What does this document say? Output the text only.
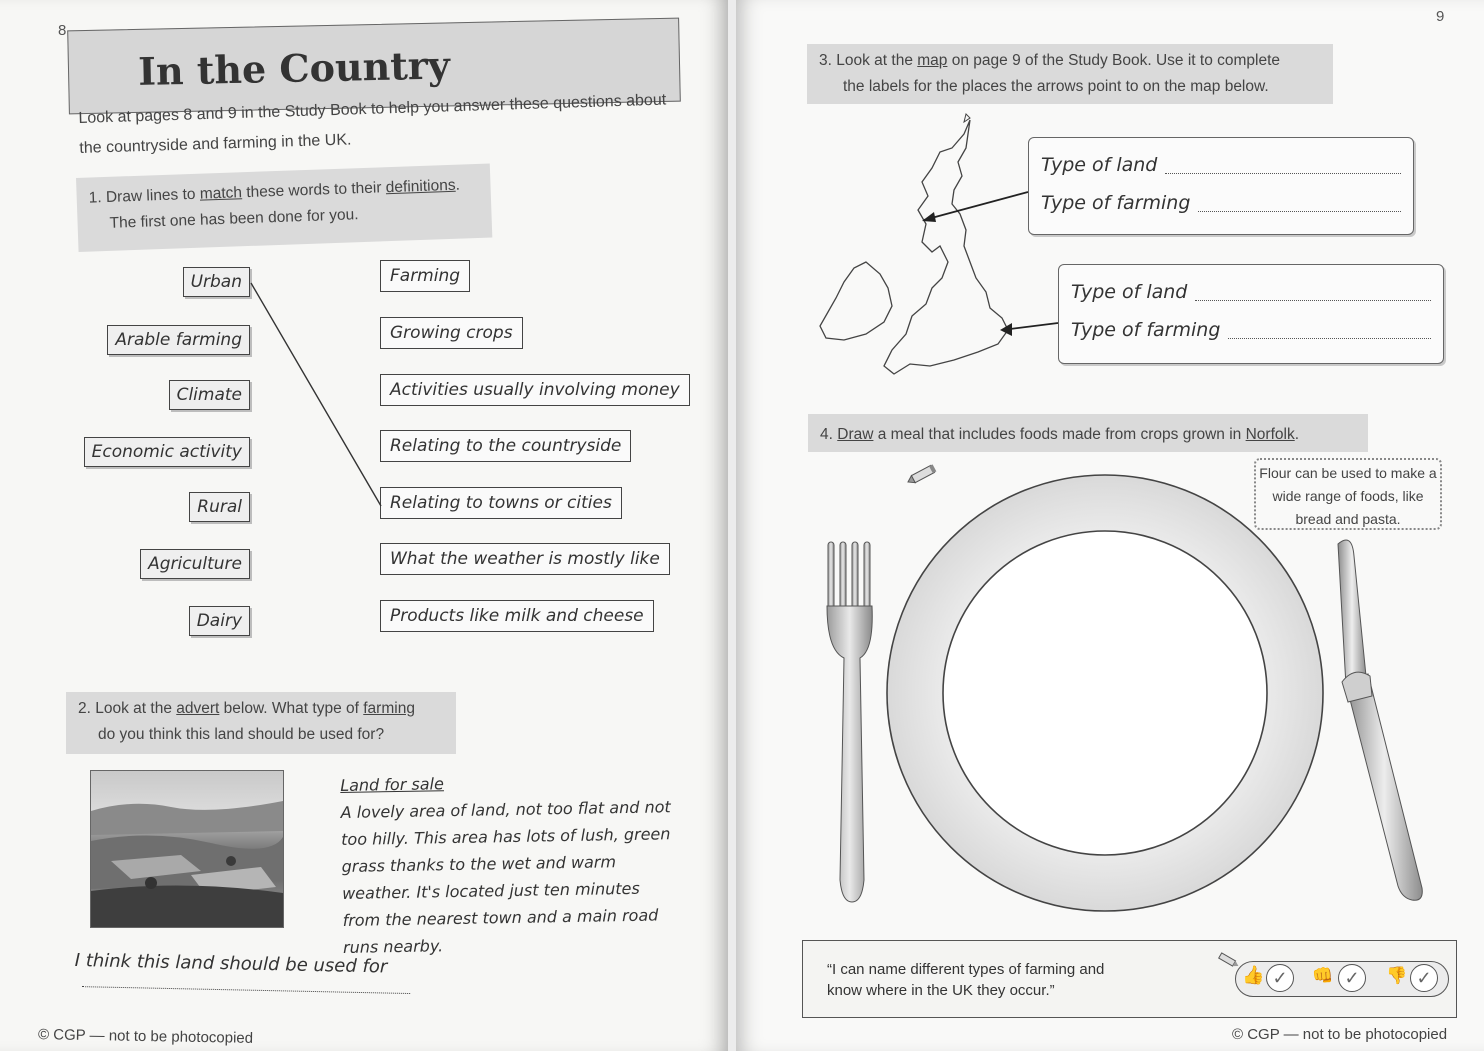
8
In the Country
Look at pages 8 and 9 in the Study Book to help you answer these questions about the countryside and farming in the UK.
1. Draw lines to match these words to their definitions.
The first one has been done for you.
Urban
Arable farming
Climate
Economic activity
Rural
Agriculture
Dairy
Farming
Growing crops
Activities usually involving money
Relating to the countryside
Relating to towns or cities
What the weather is mostly like
Products like milk and cheese
2. Look at the advert below. What type of farming
do you think this land should be used for?
Land for sale
A lovely area of land, not too flat and not too hilly. This area has lots of lush, green grass thanks to the wet and warm weather. It's located just ten minutes from the nearest town and a main road runs nearby.
I think this land should be used for
© CGP — not to be photocopied
9
3. Look at the map on page 9 of the Study Book. Use it to complete
the labels for the places the arrows point to on the map below.
Type of land
Type of farming
Type of land
Type of farming
4. Draw a meal that includes foods made from crops grown in Norfolk.
Flour can be used to make a wide range of foods, like bread and pasta.
“I can name different types of farming and know where in the UK they occur.”
👍 ✓	👊 ✓	👎 ✓
© CGP — not to be photocopied
